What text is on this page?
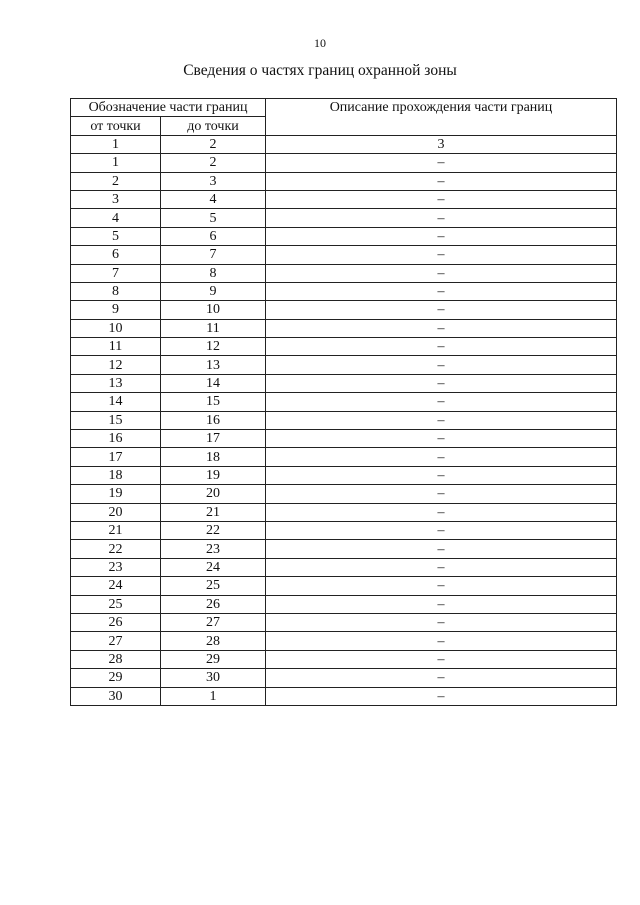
10
Сведения о частях границ охранной зоны
Обозначение части границ		Описание прохождения части границ
от точки	до точки	
1	2	3
1	2	–
2	3	–
3	4	–
4	5	–
5	6	–
6	7	–
7	8	–
8	9	–
9	10	–
10	11	–
11	12	–
12	13	–
13	14	–
14	15	–
15	16	–
16	17	–
17	18	–
18	19	–
19	20	–
20	21	–
21	22	–
22	23	–
23	24	–
24	25	–
25	26	–
26	27	–
27	28	–
28	29	–
29	30	–
30	1	–
